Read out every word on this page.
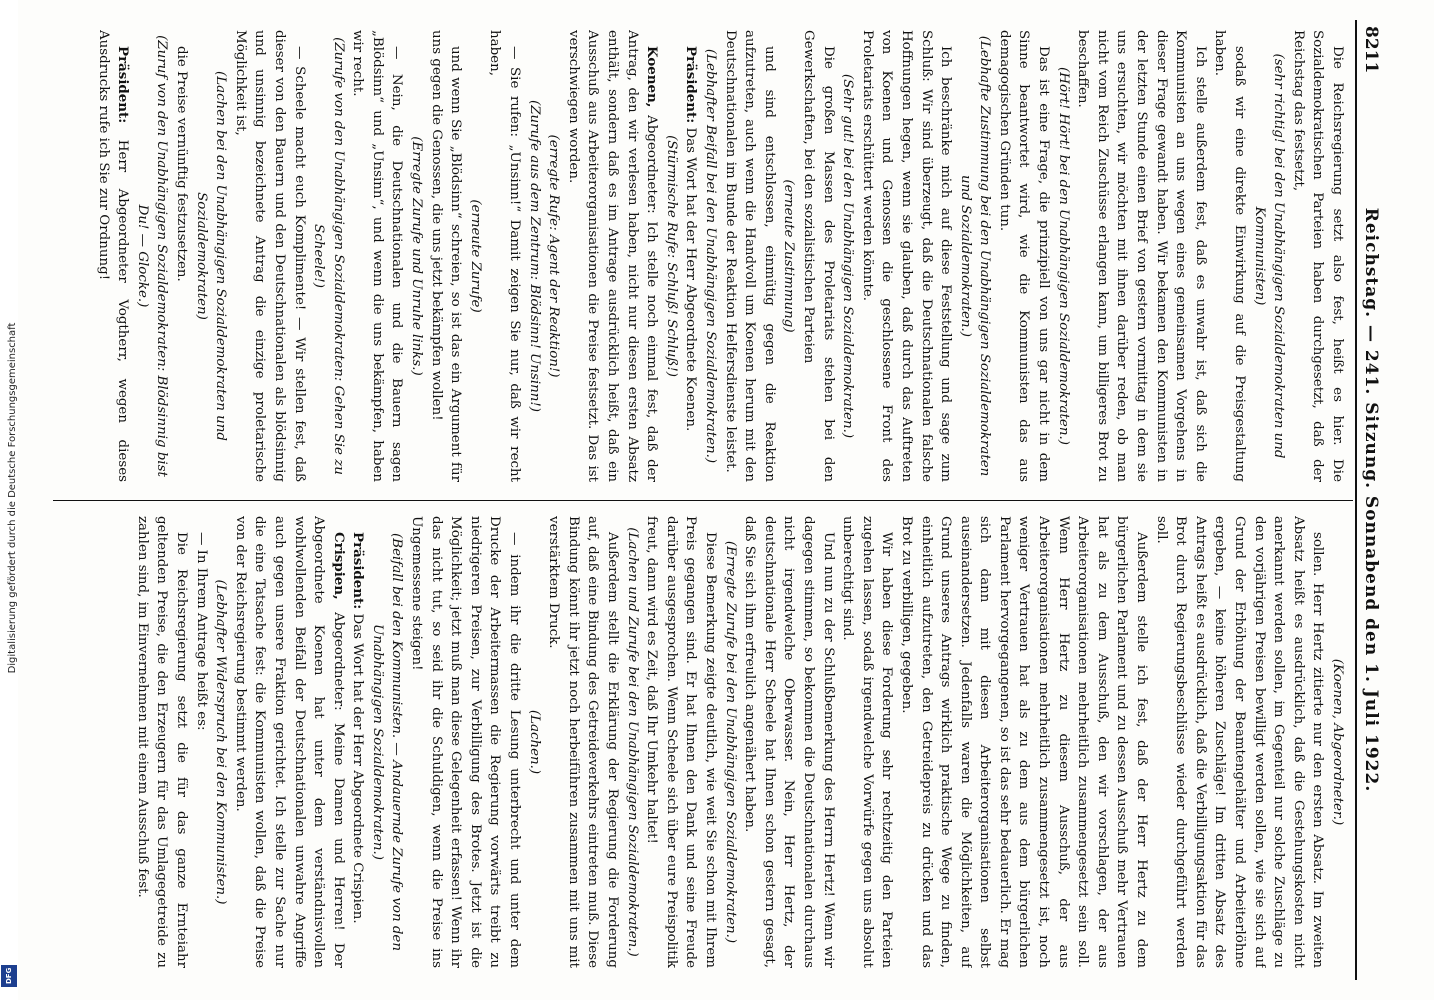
Digitalisierung gefördert durch die Deutsche Forschungsgemeinschaft
DFG
8211
Reichstag. — 241. Sitzung. Sonnabend den 1. Juli 1922.

Die Reichsregierung setzt also fest, heißt es hier. Die Sozialdemokratischen Parteien haben durchgesetzt, daß der Reichstag das festsetzt,

(sehr richtig! bei den Unabhängigen Sozialdemokraten und Kommunisten)

sodaß wir eine direkte Einwirkung auf die Preisgestaltung haben.

Ich stelle außerdem fest, daß es unwahr ist, daß sich die Kommunisten an uns wegen eines gemeinsamen Vorgehens in dieser Frage gewandt haben. Wir bekamen den Kommunisten in der letzten Stunde einen Brief von gestern vormittag in dem sie uns ersuchten, wir möchten mit ihnen darüber reden, ob man nicht vom Reich Zuschüsse erlangen kann, um billigeres Brot zu beschaffen.

(Hört! Hört! bei den Unabhängigen Sozialdemokraten.)

Das ist eine Frage, die prinzipiell von uns gar nicht in dem Sinne beantwortet wird, wie die Kommunisten das aus demagogischen Gründen tun.

(Lebhafte Zustimmung bei den Unabhängigen Sozialdemokraten und Sozialdemokraten.)

Ich beschränke mich auf diese Feststellung und sage zum Schluß: Wir sind überzeugt, daß die Deutschnationalen falsche Hoffnungen hegen, wenn sie glauben, daß durch das Auftreten von Koenen und Genossen die geschlossene Front des Proletariats erschüttert werden könnte.

(Sehr gut! bei den Unabhängigen Sozialdemokraten.)

Die großen Massen des Proletariats stehen bei den Gewerkschaften, bei den sozialistischen Parteien

(erneute Zustimmung)

und sind entschlossen, einmütig gegen die Reaktion aufzutreten, auch wenn die Handvoll um Koenen herum mit den Deutschnationalen im Bunde der Reaktion Helfersdienste leistet.

(Lebhafter Beifall bei den Unabhängigen Sozialdemokraten.)

Präsident: Das Wort hat der Herr Abgeordnete Koenen.

(Stürmische Rufe: Schluß! Schluß!)

Koenen, Abgeordneter: Ich stelle noch einmal fest, daß der Antrag, den wir verlesen haben, nicht nur diesen ersten Absatz enthält, sondern daß es im Antrage ausdrücklich heißt, daß ein Ausschuß aus Arbeiterorganisationen die Preise festsetzt. Das ist verschwiegen worden.

(erregte Rufe: Agent der Reaktion!)

(Zurufe aus dem Zentrum: Blödsinn! Unsinn!)

— Sie rufen: „Unsinn!“ Damit zeigen Sie nur, daß wir recht haben,

(erneute Zurufe)

und wenn Sie „Blödsinn“ schreien, so ist das ein Argument für uns gegen die Genossen, die uns jetzt bekämpfen wollen!

(Erregte Zurufe und Unruhe links.)

— Nein, die Deutschnationalen und die Bauern sagen „Blödsinn“ und „Unsinn“, und wenn die uns bekämpfen, haben wir recht.

(Zurufe von den Unabhängigen Sozialdemokraten: Gehen Sie zu Scheele!)

— Scheele macht euch Komplimente! — Wir stellen fest, daß dieser von den Bauern und den Deutschnationalen als blödsinnig und unsinnig bezeichnete Antrag die einzige proletarische Möglichkeit ist,

(Lachen bei den Unabhängigen Sozialdemokraten und Sozialdemokraten)

die Preise vernünftig festzusetzen.

(Zuruf von den Unabhängigen Sozialdemokraten: Blödsinnig bist Du! — Glocke.)

Präsident: Herr Abgeordneter Vogtherr, wegen dieses Ausdrucks rufe ich Sie zur Ordnung!

(Koenen, Abgeordneter.)

sollen. Herr Hertz zitierte nur den ersten Absatz. Im zweiten Absatz heißt es ausdrücklich, daß die Gestehungskosten nicht anerkannt werden sollen, im Gegenteil nur solche Zuschläge zu den vorjährigen Preisen bewilligt werden sollen, wie sie sich auf Grund der Erhöhung der Beamtengehälter und Arbeiterlöhne ergeben, — keine höheren Zuschläge! Im dritten Absatz des Antrags heißt es ausdrücklich, daß die Verbilligungsaktion für das Brot durch Regierungsbeschlüsse wieder durchgeführt werden soll.

Außerdem stelle ich fest, daß der Herr Hertz zu dem bürgerlichen Parlament und zu dessen Ausschuß mehr Vertrauen hat als zu dem Ausschuß, den wir vorschlagen, der aus Arbeiterorganisationen mehrheitlich zusammengesetzt sein soll. Wenn Herr Hertz zu diesem Ausschuß, der aus Arbeiterorganisationen mehrheitlich zusammengesetzt ist, noch weniger Vertrauen hat als zu dem aus dem bürgerlichen Parlament hervorgegangenen, so ist das sehr bedauerlich. Er mag sich dann mit diesen Arbeiterorganisationen selbst auseinandersetzen. Jedenfalls waren die Möglichkeiten, auf Grund unseres Antrags wirklich praktische Wege zu finden, einheitlich aufzutreten, den Getreidepreis zu drücken und das Brot zu verbilligen, gegeben.

Wir haben diese Forderung sehr rechtzeitig den Parteien zugehen lassen, sodaß irgendwelche Vorwürfe gegen uns absolut unberechtigt sind.

Und nun zu der Schlußbemerkung des Herrn Hertz! Wenn wir dagegen stimmen, so bekommen die Deutschnationalen durchaus nicht irgendwelche Oberwasser. Nein, Herr Hertz, der deutschnationale Herr Scheele hat Ihnen schon gestern gesagt, daß Sie sich ihm erfreulich angenähert haben.

(Erregte Zurufe bei den Unabhängigen Sozialdemokraten.)

Diese Bemerkung zeigte deutlich, wie weit Sie schon mit Ihrem Preis gegangen sind. Er hat Ihnen den Dank und seine Freude darüber ausgesprochen. Wenn Scheele sich über eure Preispolitik freut, dann wird es Zeit, daß Ihr Umkehr haltet!

(Lachen und Zurufe bei den Unabhängigen Sozialdemokraten.)

Außerdem stellt die Erklärung der Regierung die Forderung auf, daß eine Bindung des Getreideverkehrs eintreten muß. Diese Bindung könnt ihr jetzt noch herbeiführen zusammen mit uns mit verstärktem Druck.

(Lachen.)

— indem ihr die dritte Lesung unterbrecht und unter dem Drucke der Arbeitermassen die Regierung vorwärts treibt zu niedrigeren Preisen, zur Verbilligung des Brotes. Jetzt ist die Möglichkeit; jetzt muß man diese Gelegenheit erfassen! Wenn ihr das nicht tut, so seid ihr die Schuldigen, wenn die Preise ins Ungemessene steigen!

(Beifall bei den Kommunisten. — Andauernde Zurufe von den Unabhängigen Sozialdemokraten.)

Präsident: Das Wort hat der Herr Abgeordnete Crispien.

Crispien, Abgeordneter: Meine Damen und Herren! Der Abgeordnete Koenen hat unter dem verständnisvollen wohlwollenden Beifall der Deutschnationalen unwahre Angriffe auch gegen unsere Fraktion gerichtet. Ich stelle zur Sache nur die eine Tatsache fest: die Kommunisten wollen, daß die Preise von der Reichsregierung bestimmt werden.

(Lebhafter Widerspruch bei den Kommunisten.)

— In Ihrem Antrage heißt es:

Die Reichsregierung setzt die für das ganze Ernteiahr geltenden Preise, die den Erzeugern für das Umlagegetreide zu zahlen sind, im Einvernehmen mit einem Ausschuß fest.
